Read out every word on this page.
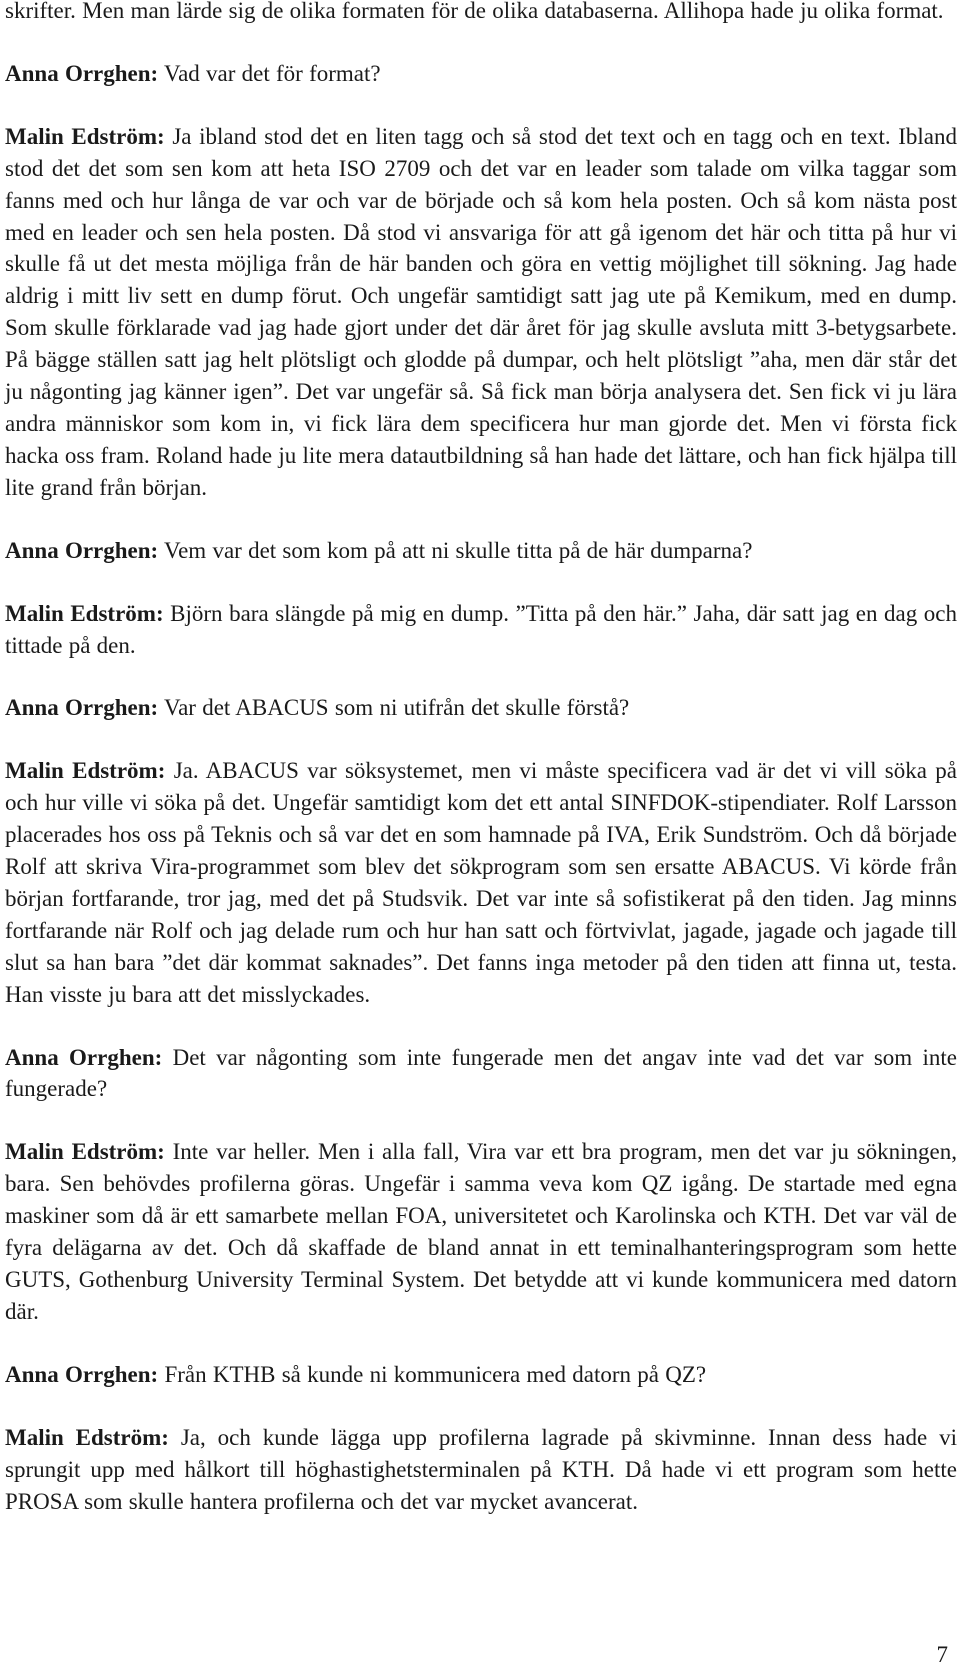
skrifter. Men man lärde sig de olika formaten för de olika databaserna. Allihopa hade ju olika format.

Anna Orrghen: Vad var det för format?

Malin Edström: Ja ibland stod det en liten tagg och så stod det text och en tagg och en text. Ibland stod det det som sen kom att heta ISO 2709 och det var en leader som talade om vilka taggar som fanns med och hur långa de var och var de började och så kom hela posten. Och så kom nästa post med en leader och sen hela posten. Då stod vi ansvariga för att gå igenom det här och titta på hur vi skulle få ut det mesta möjliga från de här banden och göra en vettig möjlighet till sökning. Jag hade aldrig i mitt liv sett en dump förut. Och ungefär samtidigt satt jag ute på Kemikum, med en dump. Som skulle förklarade vad jag hade gjort under det där året för jag skulle avsluta mitt 3-betygsarbete. På bägge ställen satt jag helt plötsligt och glodde på dumpar, och helt plötsligt ”aha, men där står det ju någonting jag känner igen”. Det var ungefär så. Så fick man börja analysera det. Sen fick vi ju lära andra människor som kom in, vi fick lära dem specificera hur man gjorde det. Men vi första fick hacka oss fram. Roland hade ju lite mera datautbildning så han hade det lättare, och han fick hjälpa till lite grand från början.

Anna Orrghen: Vem var det som kom på att ni skulle titta på de här dumparna?

Malin Edström: Björn bara slängde på mig en dump. ”Titta på den här.” Jaha, där satt jag en dag och tittade på den.

Anna Orrghen: Var det ABACUS som ni utifrån det skulle förstå?

Malin Edström: Ja. ABACUS var söksystemet, men vi måste specificera vad är det vi vill söka på och hur ville vi söka på det. Ungefär samtidigt kom det ett antal SINFDOK-stipendiater. Rolf Larsson placerades hos oss på Teknis och så var det en som hamnade på IVA, Erik Sundström. Och då började Rolf att skriva Vira-programmet som blev det sökprogram som sen ersatte ABACUS. Vi körde från början fortfarande, tror jag, med det på Studsvik. Det var inte så sofistikerat på den tiden. Jag minns fortfarande när Rolf och jag delade rum och hur han satt och förtvivlat, jagade, jagade och jagade till slut sa han bara ”det där kommat saknades”. Det fanns inga metoder på den tiden att finna ut, testa. Han visste ju bara att det misslyckades.

Anna Orrghen: Det var någonting som inte fungerade men det angav inte vad det var som inte fungerade?

Malin Edström: Inte var heller. Men i alla fall, Vira var ett bra program, men det var ju sökningen, bara. Sen behövdes profilerna göras. Ungefär i samma veva kom QZ igång. De startade med egna maskiner som då är ett samarbete mellan FOA, universitetet och Karolinska och KTH. Det var väl de fyra delägarna av det. Och då skaffade de bland annat in ett teminalhanteringsprogram som hette GUTS, Gothenburg University Terminal System. Det betydde att vi kunde kommunicera med datorn där.

Anna Orrghen: Från KTHB så kunde ni kommunicera med datorn på QZ?

Malin Edström: Ja, och kunde lägga upp profilerna lagrade på skivminne. Innan dess hade vi sprungit upp med hålkort till höghastighetsterminalen på KTH. Då hade vi ett program som hette PROSA som skulle hantera profilerna och det var mycket avancerat.

7
